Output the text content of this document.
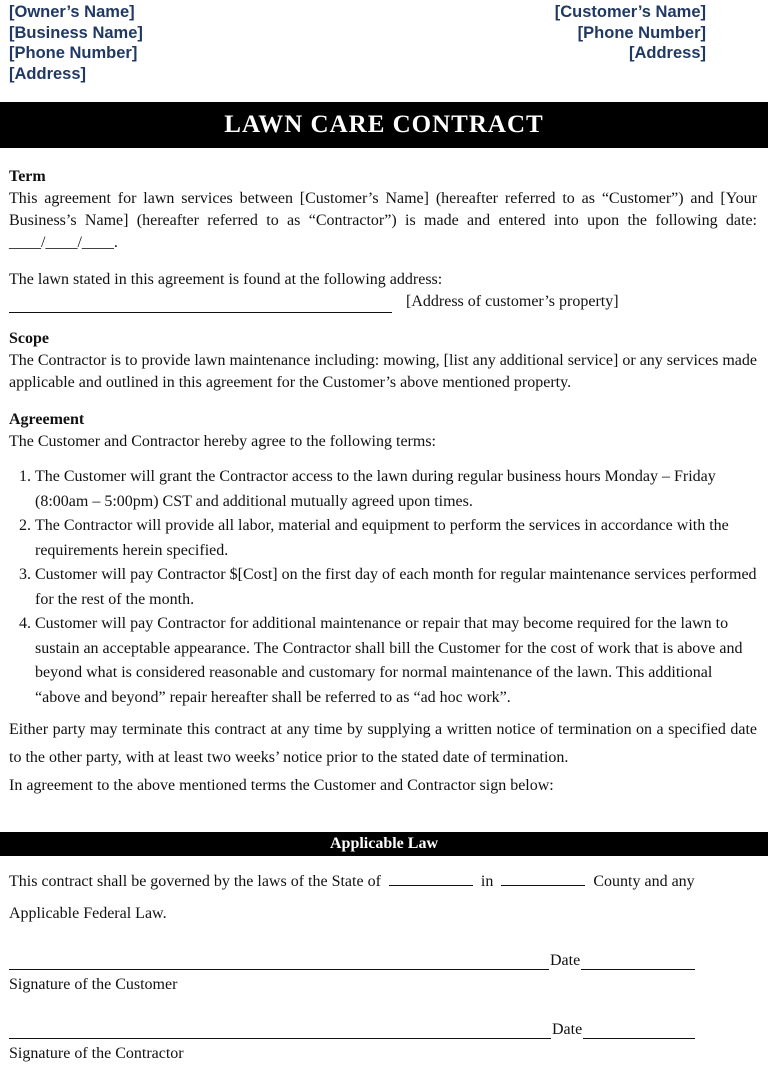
[Owner’s Name]
[Business Name]
[Phone Number]
[Address]
[Customer’s Name]
[Phone Number]
[Address]
LAWN CARE CONTRACT

Term

This agreement for lawn services between [Customer’s Name] (hereafter referred to as “Customer”) and [Your Business’s Name] (hereafter referred to as “Contractor”) is made and entered into upon the following date: ____/____/____.

The lawn stated in this agreement is found at the following address:

[Address of customer’s property]

Scope

The Contractor is to provide lawn maintenance including: mowing, [list any additional service] or any services made applicable and outlined in this agreement for the Customer’s above mentioned property.

Agreement

The Customer and Contractor hereby agree to the following terms:

1. The Customer will grant the Contractor access to the lawn during regular business hours Monday – Friday (8:00am – 5:00pm) CST and additional mutually agreed upon times.
2. The Contractor will provide all labor, material and equipment to perform the services in accordance with the requirements herein specified.
3. Customer will pay Contractor $[Cost] on the first day of each month for regular maintenance services performed for the rest of the month.
4. Customer will pay Contractor for additional maintenance or repair that may become required for the lawn to sustain an acceptable appearance. The Contractor shall bill the Customer for the cost of work that is above and beyond what is considered reasonable and customary for normal maintenance of the lawn. This additional “above and beyond” repair hereafter shall be referred to as “ad hoc work”.

Either party may terminate this contract at any time by supplying a written notice of termination on a specified date to the other party, with at least two weeks’ notice prior to the stated date of termination.

In agreement to the above mentioned terms the Customer and Contractor sign below:

Applicable Law
This contract shall be governed by the laws of the State of	in	County and any
Applicable Federal Law.
Date
Signature of the Customer
Date
Signature of the Contractor
